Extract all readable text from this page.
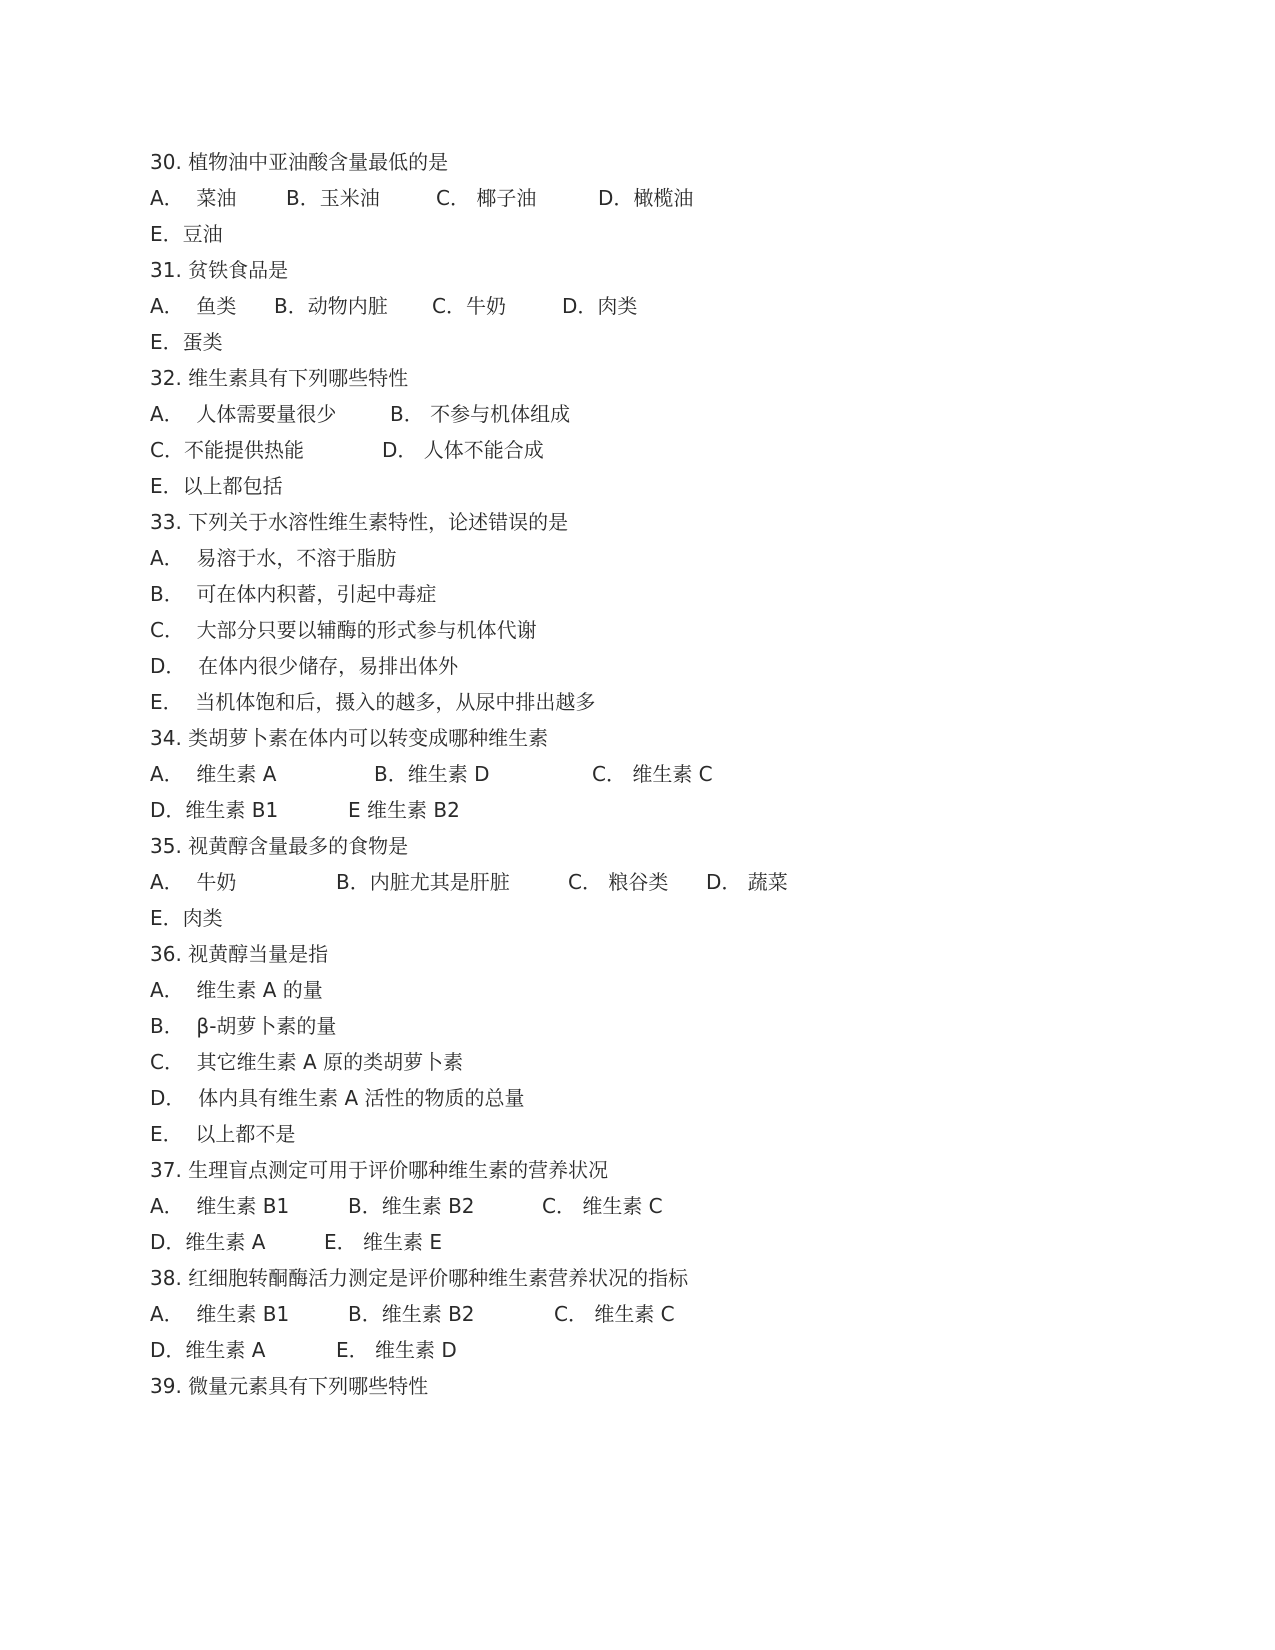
30. 植物油中亚油酸含量最低的是

A．  菜油

B．玉米油

	C． 椰子油

	D．橄榄油

E．豆油

31. 贫铁食品是

A．  鱼类

B．动物内脏

C．牛奶

	D．肉类

E．蛋类

32. 维生素具有下列哪些特性

A．  人体需要量很少

	B． 不参与机体组成

C．不能提供热能

	D． 人体不能合成

E．以上都包括

33. 下列关于水溶性维生素特性，论述错误的是

A．  易溶于水，不溶于脂肪

B．  可在体内积蓄，引起中毒症

C．  大部分只要以辅酶的形式参与机体代谢

D．  在体内很少储存，易排出体外

E．  当机体饱和后，摄入的越多，从尿中排出越多

34. 类胡萝卜素在体内可以转变成哪种维生素

A．  维生素 A

	B．维生素 D

	C． 维生素 C

D．维生素 B1

	E 维生素 B2

35. 视黄醇含量最多的食物是

A．  牛奶

	B．内脏尤其是肝脏

	C． 粮谷类

D． 蔬菜

E．肉类

36. 视黄醇当量是指

A．  维生素 A 的量

B．  β-胡萝卜素的量

C．  其它维生素 A 原的类胡萝卜素

D．  体内具有维生素 A 活性的物质的总量

E．  以上都不是

37. 生理盲点测定可用于评价哪种维生素的营养状况

A．  维生素 B1

	B．维生素 B2

	C． 维生素 C

D．维生素 A

	E． 维生素 E

38. 红细胞转酮酶活力测定是评价哪种维生素营养状况的指标

A．  维生素 B1

	B．维生素 B2

	C． 维生素 C

D．维生素 A

	E． 维生素 D

39. 微量元素具有下列哪些特性
